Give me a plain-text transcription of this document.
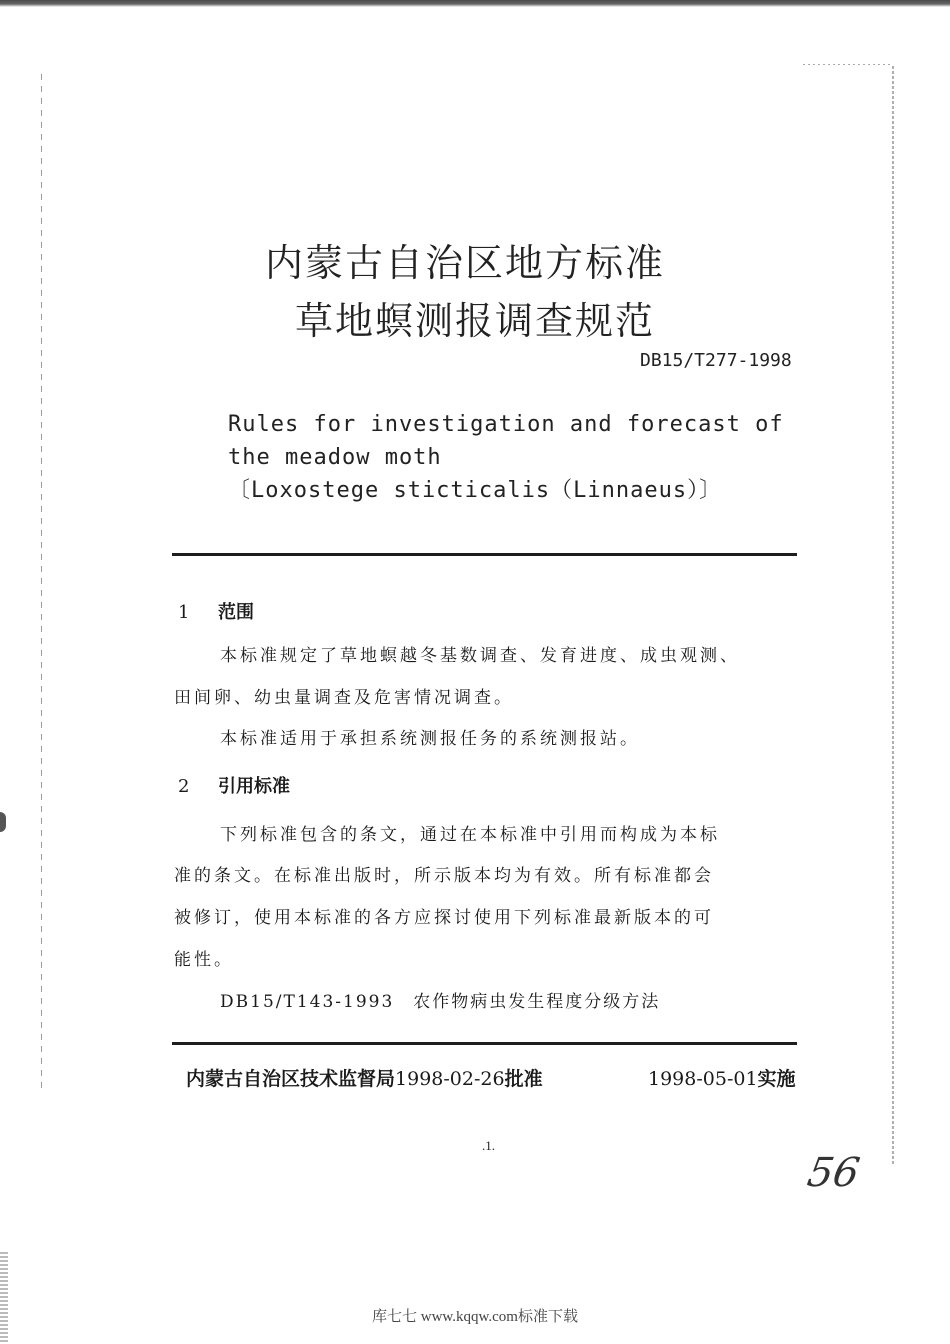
内蒙古自治区地方标准
草地螟测报调查规范
DB15/T277-1998
Rules for investigation and forecast of
the meadow moth
〔Loxostege sticticalis（Linnaeus）〕
1 范围
本标准规定了草地螟越冬基数调查、发育进度、成虫观测、
田间卵、幼虫量调查及危害情况调查。
本标准适用于承担系统测报任务的系统测报站。
2 引用标准
下列标准包含的条文，通过在本标准中引用而构成为本标
准的条文。在标准出版时，所示版本均为有效。所有标准都会
被修订，使用本标准的各方应探讨使用下列标准最新版本的可
能性。
DB15/T143-1993　农作物病虫发生程度分级方法
内蒙古自治区技术监督局1998-02-26批准	1998-05-01实施
.1.
56
库七七 www.kqqw.com标准下载
